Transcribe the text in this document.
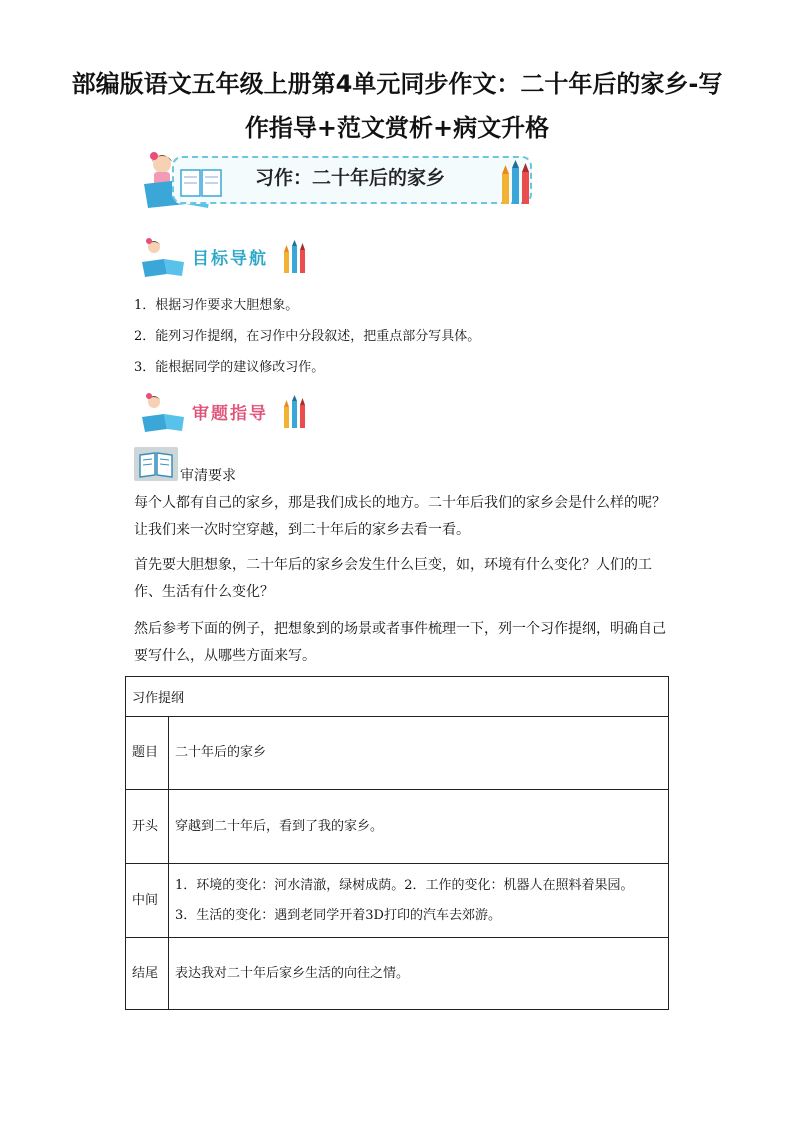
部编版语文五年级上册第4单元同步作文：二十年后的家乡-写作指导+范文赏析+病文升格
习作：二十年后的家乡
目标导航
1．根据习作要求大胆想象。
2．能列习作提纲，在习作中分段叙述，把重点部分写具体。
3．能根据同学的建议修改习作。
审题指导
审清要求
每个人都有自己的家乡，那是我们成长的地方。二十年后我们的家乡会是什么样的呢？让我们来一次时空穿越，到二十年后的家乡去看一看。
首先要大胆想象，二十年后的家乡会发生什么巨变，如，环境有什么变化？人们的工作、生活有什么变化？
然后参考下面的例子，把想象到的场景或者事件梳理一下，列一个习作提纲，明确自己要写什么，从哪些方面来写。
习作提纲	
题目	二十年后的家乡
开头	穿越到二十年后，看到了我的家乡。
中间	1．环境的变化：河水清澈，绿树成荫。2．工作的变化：机器人在照料着果园。
3．生活的变化：遇到老同学开着3D打印的汽车去郊游。

结尾	表达我对二十年后家乡生活的向往之情。
